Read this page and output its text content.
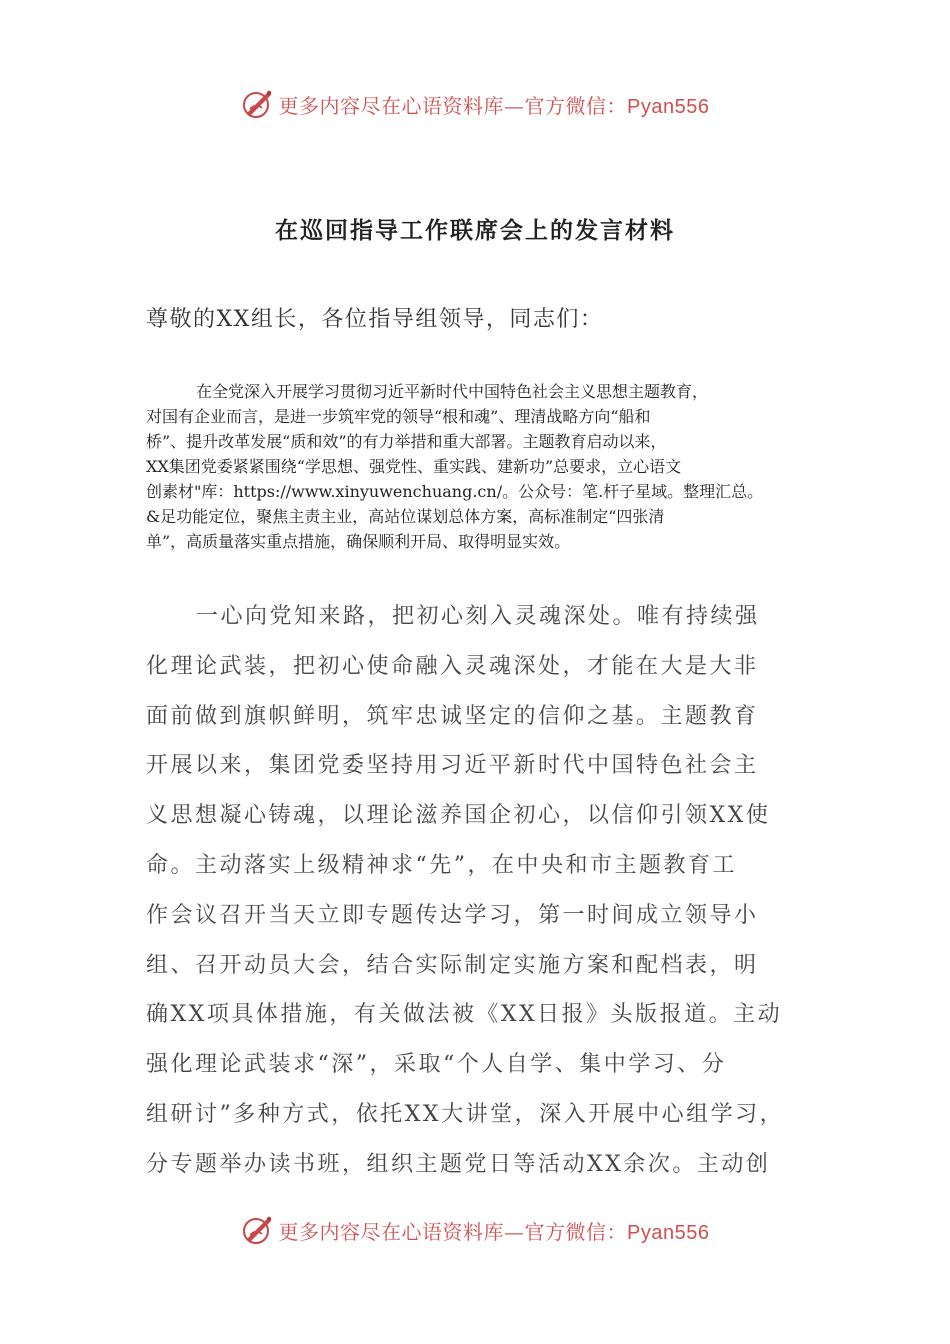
更多内容尽在心语资料库—官方微信：Pyan556
在巡回指导工作联席会上的发言材料

尊敬的XX组长，各位指导组领导，同志们：

在全党深入开展学习贯彻习近平新时代中国特色社会主义思想主题教育，
对国有企业而言，是进一步筑牢党的领导“根和魂”、理清战略方向“船和
桥”、提升改革发展“质和效”的有力举措和重大部署。主题教育启动以来，
XX集团党委紧紧围绕“学思想、强党性、重实践、建新功”总要求，立心语文
创素材"库：https://www.xinyuwenchuang.cn/。公众号：笔.杆子星域。整理汇总。
&足功能定位，聚焦主责主业，高站位谋划总体方案，高标准制定“四张清
单”，高质量落实重点措施，确保顺利开局、取得明显实效。
一心向党知来路，把初心刻入灵魂深处。唯有持续强
化理论武装，把初心使命融入灵魂深处，才能在大是大非
面前做到旗帜鲜明，筑牢忠诚坚定的信仰之基。主题教育
开展以来，集团党委坚持用习近平新时代中国特色社会主
义思想凝心铸魂，以理论滋养国企初心，以信仰引领XX使
命。主动落实上级精神求“先”，在中央和市主题教育工
作会议召开当天立即专题传达学习，第一时间成立领导小
组、召开动员大会，结合实际制定实施方案和配档表，明
确XX项具体措施，有关做法被《XX日报》头版报道。主动
强化理论武装求“深”，采取“个人自学、集中学习、分
组研讨”多种方式，依托XX大讲堂，深入开展中心组学习，
分专题举办读书班，组织主题党日等活动XX余次。主动创
更多内容尽在心语资料库—官方微信：Pyan556
